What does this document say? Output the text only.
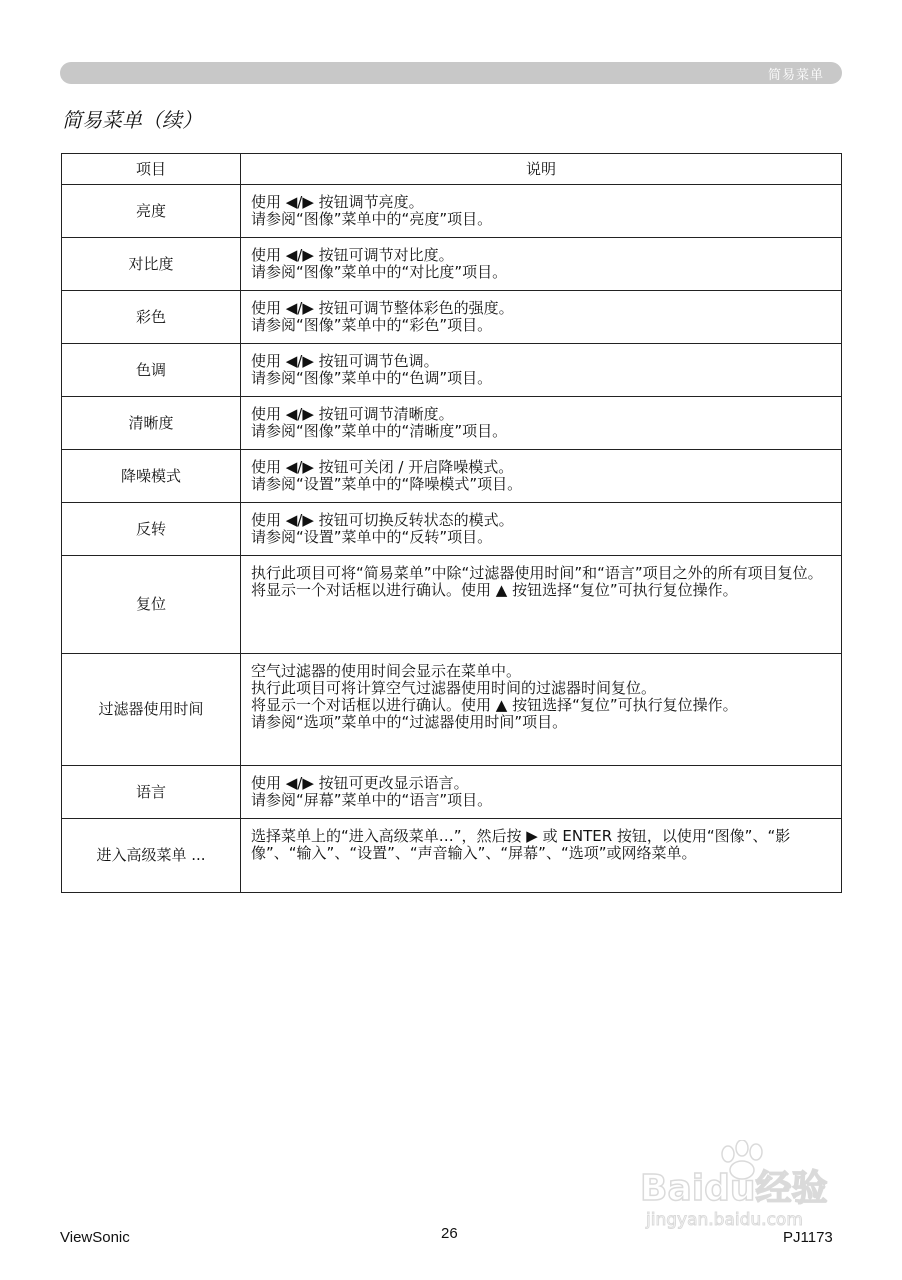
简易菜单
简易菜单（续）
项目	说明
亮度	使用 ◀/▶ 按钮调节亮度。
请参阅“图像”菜单中的“亮度”项目。

对比度	使用 ◀/▶ 按钮可调节对比度。
请参阅“图像”菜单中的“对比度”项目。

彩色	使用 ◀/▶ 按钮可调节整体彩色的强度。
请参阅“图像”菜单中的“彩色”项目。

色调	使用 ◀/▶ 按钮可调节色调。
请参阅“图像”菜单中的“色调”项目。

清晰度	使用 ◀/▶ 按钮可调节清晰度。
请参阅“图像”菜单中的“清晰度”项目。

降噪模式	使用 ◀/▶ 按钮可关闭 / 开启降噪模式。
请参阅“设置”菜单中的“降噪模式”项目。

反转	使用 ◀/▶ 按钮可切换反转状态的模式。
请参阅“设置”菜单中的“反转”项目。

复位	执行此项目可将“简易菜单”中除“过滤器使用时间”和“语言”项目之外的所有项目复位。
将显示一个对话框以进行确认。使用 ▲ 按钮选择“复位”可执行复位操作。

过滤器使用时间	空气过滤器的使用时间会显示在菜单中。
执行此项目可将计算空气过滤器使用时间的过滤器时间复位。
将显示一个对话框以进行确认。使用 ▲ 按钮选择“复位”可执行复位操作。
请参阅“选项”菜单中的“过滤器使用时间”项目。

语言	使用 ◀/▶ 按钮可更改显示语言。
请参阅“屏幕”菜单中的“语言”项目。

进入高级菜单 ...	选择菜单上的“进入高级菜单…”，然后按 ▶ 或 ENTER 按钮，以使用“图像”、“影像”、“输入”、“设置”、“声音输入”、“屏幕”、“选项”或网络菜单。
ViewSonic	26	PJ1173
Baidu经验
jingyan.baidu.com
